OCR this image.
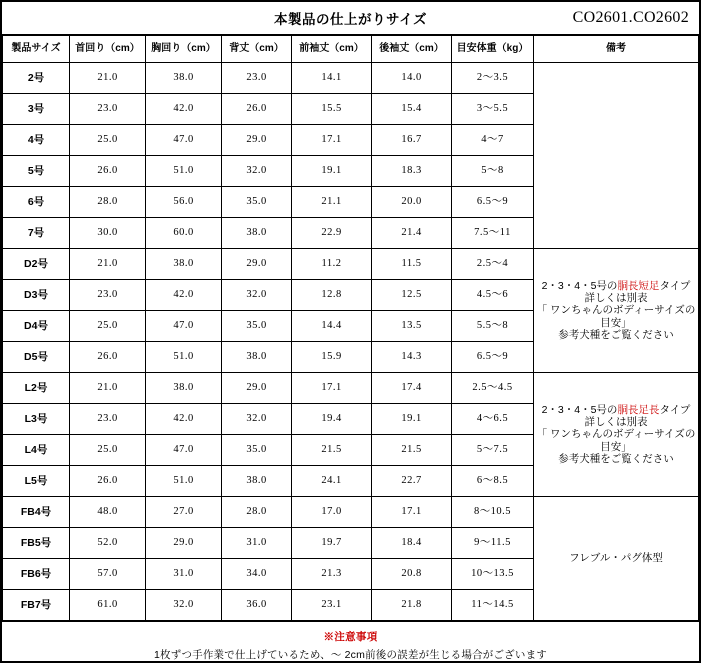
本製品の仕上がりサイズ	CO2601.CO2602
製品サイズ	首回り（cm）	胸回り（cm）	背丈（cm）	前袖丈（cm）	後袖丈（cm）	目安体重（kg）	備考
2号	21.0	38.0	23.0	14.1	14.0	2～3.5	
3号	23.0	42.0	26.0	15.5	15.4	3～5.5	
4号	25.0	47.0	29.0	17.1	16.7	4～7	
5号	26.0	51.0	32.0	19.1	18.3	5～8	
6号	28.0	56.0	35.0	21.1	20.0	6.5～9	
7号	30.0	60.0	38.0	22.9	21.4	7.5～11	
D2号	21.0	38.0	29.0	11.2	11.5	2.5～4	2・3・4・5号の胴長短足タイプ
詳しくは別表
「 ワンちゃんのボディーサイズの目安」
参考犬種をご覧ください
D3号	23.0	42.0	32.0	12.8	12.5	4.5～6	
D4号	25.0	47.0	35.0	14.4	13.5	5.5～8	
D5号	26.0	51.0	38.0	15.9	14.3	6.5～9	
L2号	21.0	38.0	29.0	17.1	17.4	2.5～4.5	2・3・4・5号の胴長足長タイプ
詳しくは別表
「 ワンちゃんのボディーサイズの目安」
参考犬種をご覧ください
L3号	23.0	42.0	32.0	19.4	19.1	4～6.5	
L4号	25.0	47.0	35.0	21.5	21.5	5～7.5	
L5号	26.0	51.0	38.0	24.1	22.7	6～8.5	
FB4号	48.0	27.0	28.0	17.0	17.1	8～10.5	フレブル・パグ体型
FB5号	52.0	29.0	31.0	19.7	18.4	9～11.5	
FB6号	57.0	31.0	34.0	21.3	20.8	10～13.5	
FB7号	61.0	32.0	36.0	23.1	21.8	11～14.5	
※注意事項
1枚ずつ手作業で仕上げているため、～ 2cm前後の誤差が生じる場合がございます
